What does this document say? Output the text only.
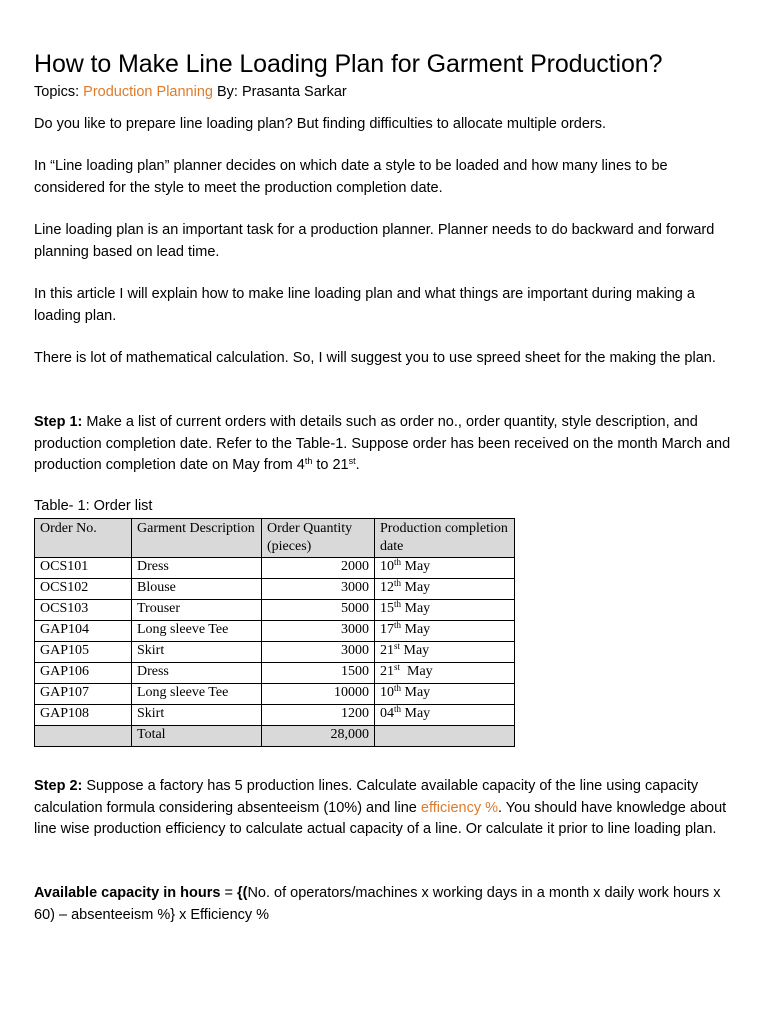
How to Make Line Loading Plan for Garment Production?
Topics: Production Planning By: Prasanta Sarkar

Do you like to prepare line loading plan? But finding difficulties to allocate multiple orders.

In “Line loading plan” planner decides on which date a style to be loaded and how many lines to be considered for the style to meet the production completion date.

Line loading plan is an important task for a production planner. Planner needs to do backward and forward planning based on lead time.

In this article I will explain how to make line loading plan and what things are important during making a loading plan.

There is lot of mathematical calculation. So, I will suggest you to use spreed sheet for the making the plan.

Step 1: Make a list of current orders with details such as order no., order quantity, style description, and production completion date. Refer to the Table-1. Suppose order has been received on the month March and production completion date on May from 4th to 21st.

Table- 1: Order list
Order No.	Garment Description	Order Quantity (pieces)	Production completion date
OCS101	Dress	2000	10th May
OCS102	Blouse	3000	12th May
OCS103	Trouser	5000	15th May
GAP104	Long sleeve Tee	3000	17th May
GAP105	Skirt	3000	21st May
GAP106	Dress	1500	21st  May
GAP107	Long sleeve Tee	10000	10th May
GAP108	Skirt	1200	04th May
	Total	28,000	

Step 2: Suppose a factory has 5 production lines. Calculate available capacity of the line using capacity calculation formula considering absenteeism (10%) and line efficiency %. You should have knowledge about line wise production efficiency to calculate actual capacity of a line. Or calculate it prior to line loading plan.

Available capacity in hours = {(No. of operators/machines x working days in a month x daily work hours x 60) – absenteeism %} x Efficiency %
